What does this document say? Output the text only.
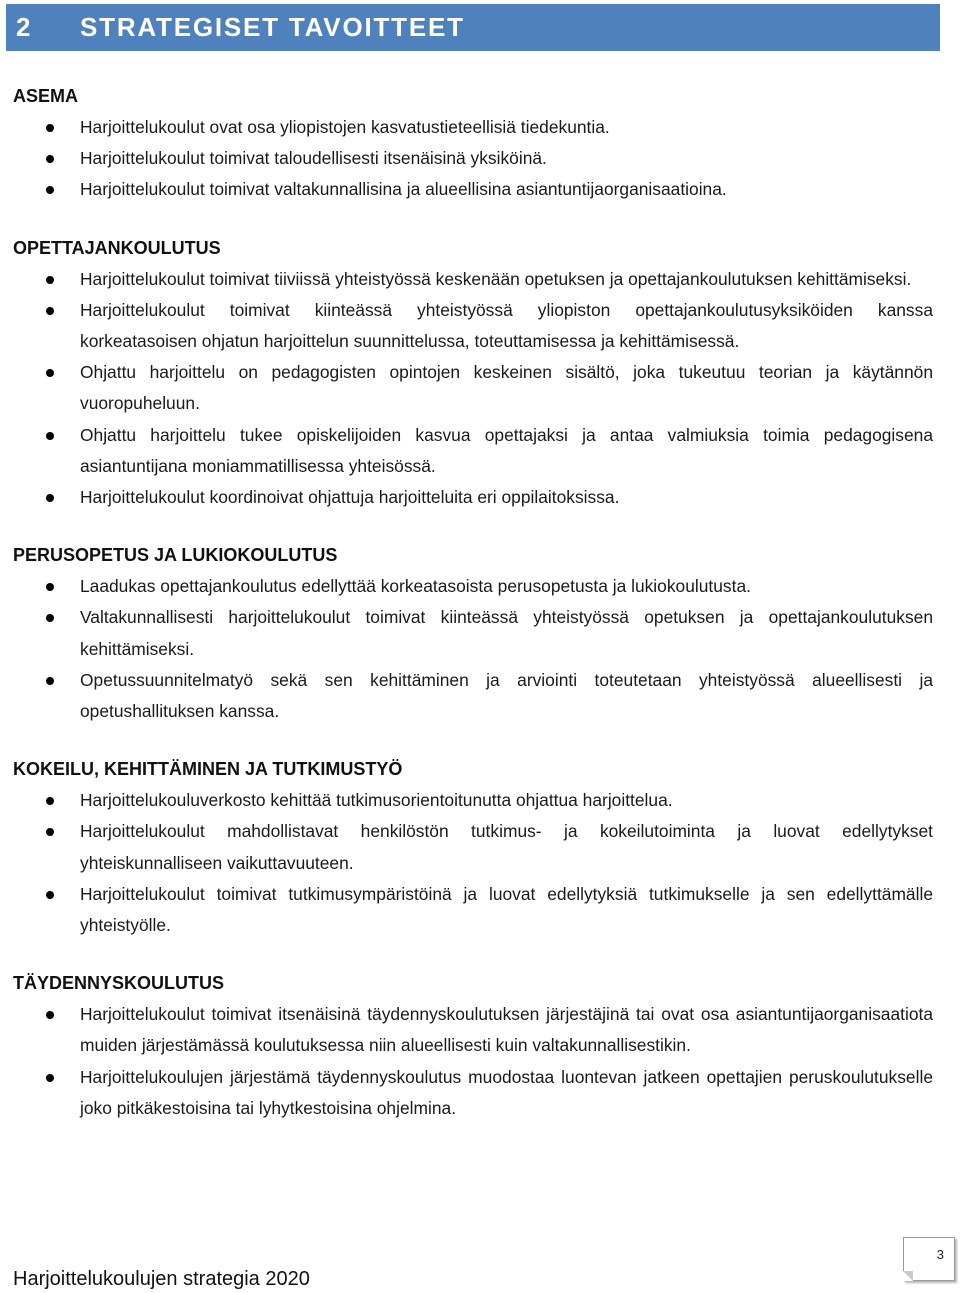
2	STRATEGISET TAVOITTEET
ASEMA
Harjoittelukoulut ovat osa yliopistojen kasvatustieteellisiä tiedekuntia.
Harjoittelukoulut toimivat taloudellisesti itsenäisinä yksiköinä.
Harjoittelukoulut toimivat valtakunnallisina ja alueellisina asiantuntijaorganisaatioina.
OPETTAJANKOULUTUS
Harjoittelukoulut toimivat tiiviissä yhteistyössä keskenään opetuksen ja opettajankoulutuksen kehittämiseksi.
Harjoittelukoulut toimivat kiinteässä yhteistyössä yliopiston opettajankoulutusyksiköiden kanssa korkeatasoisen ohjatun harjoittelun suunnittelussa, toteuttamisessa ja kehittämisessä.
Ohjattu harjoittelu on pedagogisten opintojen keskeinen sisältö, joka tukeutuu teorian ja käytännön vuoropuheluun.
Ohjattu harjoittelu tukee opiskelijoiden kasvua opettajaksi ja antaa valmiuksia toimia pedagogisena asiantuntijana moniammatillisessa yhteisössä.
Harjoittelukoulut koordinoivat ohjattuja harjoitteluita eri oppilaitoksissa.
PERUSOPETUS JA LUKIOKOULUTUS
Laadukas opettajankoulutus edellyttää korkeatasoista perusopetusta ja lukiokoulutusta.
Valtakunnallisesti harjoittelukoulut toimivat kiinteässä yhteistyössä opetuksen ja opettajankoulutuksen kehittämiseksi.
Opetussuunnitelmatyö sekä sen kehittäminen ja arviointi toteutetaan yhteistyössä alueellisesti ja opetushallituksen kanssa.
KOKEILU, KEHITTÄMINEN JA TUTKIMUSTYÖ
Harjoittelukouluverkosto kehittää tutkimusorientoitunutta ohjattua harjoittelua.
Harjoittelukoulut mahdollistavat henkilöstön tutkimus- ja kokeilutoiminta ja luovat edellytykset yhteiskunnalliseen vaikuttavuuteen.
Harjoittelukoulut toimivat tutkimusympäristöinä ja luovat edellytyksiä tutkimukselle ja sen edellyttämälle yhteistyölle.
TÄYDENNYSKOULUTUS
Harjoittelukoulut toimivat itsenäisinä täydennyskoulutuksen järjestäjinä tai ovat osa asiantuntijaorganisaatiota muiden järjestämässä koulutuksessa niin alueellisesti kuin valtakunnallisestikin.
Harjoittelukoulujen järjestämä täydennyskoulutus muodostaa luontevan jatkeen opettajien peruskoulutukselle joko pitkäkestoisina tai lyhytkestoisina ohjelmina.
Harjoittelukoulujen strategia 2020
3
